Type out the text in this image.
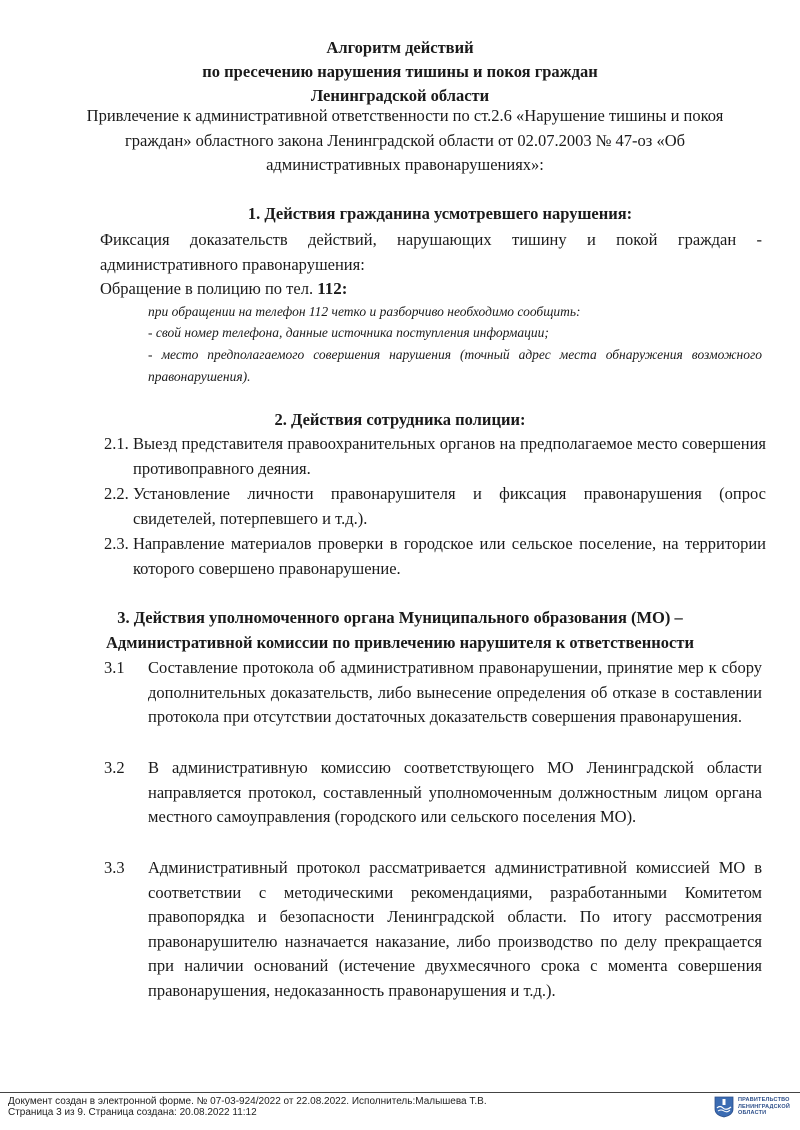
Алгоритм действий
по пресечению нарушения тишины и покоя граждан
Ленинградской области
Привлечение к административной ответственности по ст.2.6 «Нарушение тишины и покоя граждан» областного закона Ленинградской области от 02.07.2003 № 47-оз «Об административных правонарушениях»:
1. Действия гражданина усмотревшего нарушения:
Фиксация доказательств действий, нарушающих тишину и покой граждан - административного правонарушения:
Обращение в полицию по тел. 112:
при обращении на телефон 112 четко и разборчиво необходимо сообщить:
- свой номер телефона, данные источника поступления информации;
- место предполагаемого совершения нарушения (точный адрес места обнаружения возможного правонарушения).
2. Действия сотрудника полиции:
2.1. Выезд представителя правоохранительных органов на предполагаемое место совершения противоправного деяния.
2.2. Установление личности правонарушителя и фиксация правонарушения (опрос свидетелей, потерпевшего и т.д.).
2.3. Направление материалов проверки в городское или сельское поселение, на территории которого совершено правонарушение.
3. Действия уполномоченного органа Муниципального образования (МО) –
Административной комиссии по привлечению нарушителя к ответственности
3.1 Составление протокола об административном правонарушении, принятие мер к сбору дополнительных доказательств, либо вынесение определения об отказе в составлении протокола при отсутствии достаточных доказательств совершения правонарушения.
3.2 В административную комиссию соответствующего МО Ленинградской области направляется протокол, составленный уполномоченным должностным лицом органа местного самоуправления (городского или сельского поселения МО).
3.3 Административный протокол рассматривается административной комиссией МО в соответствии с методическими рекомендациями, разработанными Комитетом правопорядка и безопасности Ленинградской области. По итогу рассмотрения правонарушителю назначается наказание, либо производство по делу прекращается при наличии оснований (истечение двухмесячного срока с момента совершения правонарушения, недоказанность правонарушения и т.д.).
Документ создан в электронной форме. № 07-03-924/2022 от 22.08.2022. Исполнитель:Малышева Т.В.
Страница 3 из 9. Страница создана: 20.08.2022 11:12
ПРАВИТЕЛЬСТВО
ЛЕНИНГРАДСКОЙ
ОБЛАСТИ
